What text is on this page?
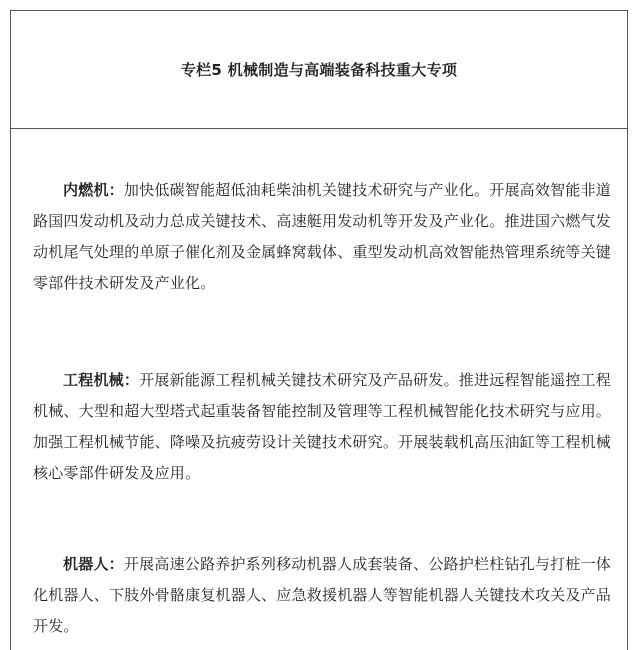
专栏5 机械制造与高端装备科技重大专项
内燃机：加快低碳智能超低油耗柴油机关键技术研究与产业化。开展高效智能非道路国四发动机及动力总成关键技术、高速艇用发动机等开发及产业化。推进国六燃气发动机尾气处理的单原子催化剂及金属蜂窝载体、重型发动机高效智能热管理系统等关键零部件技术研发及产业化。
工程机械：开展新能源工程机械关键技术研究及产品研发。推进远程智能遥控工程机械、大型和超大型塔式起重装备智能控制及管理等工程机械智能化技术研究与应用。加强工程机械节能、降噪及抗疲劳设计关键技术研究。开展装载机高压油缸等工程机械核心零部件研发及应用。
机器人：开展高速公路养护系列移动机器人成套装备、公路护栏柱钻孔与打桩一体化机器人、下肢外骨骼康复机器人、应急救援机器人等智能机器人关键技术攻关及产品开发。
